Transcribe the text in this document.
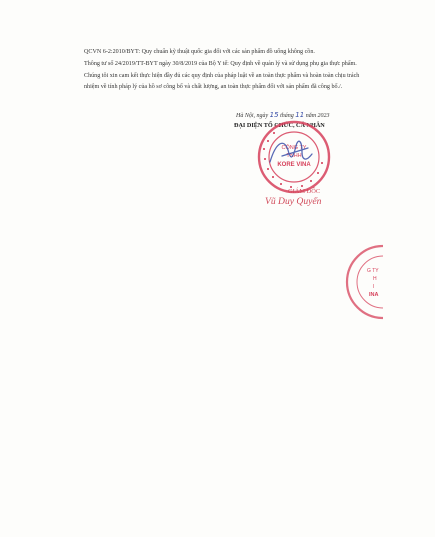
QCVN 6-2:2010/BYT: Quy chuẩn kỹ thuật quốc gia đối với các sản phẩm đồ uống không cồn.

Thông tư số 24/2019/TT-BYT ngày 30/8/2019 của Bộ Y tế: Quy định về quản lý và sử dụng phụ gia thực phẩm.

Chúng tôi xin cam kết thực hiện đầy đủ các quy định của pháp luật về an toàn thực phẩm và hoàn toàn chịu trách nhiệm về tính pháp lý của hồ sơ công bố và chất lượng, an toàn thực phẩm đối với sản phẩm đã công bố./.

Hà Nội, ngày 15 tháng 11 năm 2023
ĐẠI DIỆN TỔ CHỨC, CÁ NHÂN
CÔNG TY
TNHH
KORE VINA
GIÁM ĐỐC
Vũ Duy Quyến
G TY
H
I
INA
